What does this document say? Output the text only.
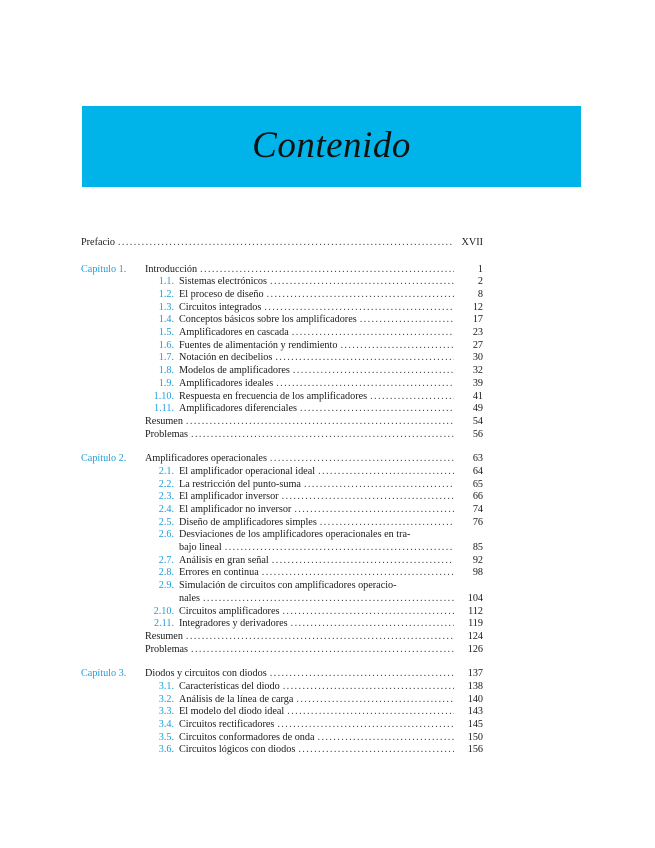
Contenido
Prefacio .....	XVII
Capítulo 1.	Introducción .....	1
1.1. Sistemas electrónicos .....	2
1.2. El proceso de diseño .....	8
1.3. Circuitos integrados .....	12
1.4. Conceptos básicos sobre los amplificadores .....	17
1.5. Amplificadores en cascada .....	23
1.6. Fuentes de alimentación y rendimiento .....	27
1.7. Notación en decibelios .....	30
1.8. Modelos de amplificadores .....	32
1.9. Amplificadores ideales .....	39
1.10. Respuesta en frecuencia de los amplificadores .....	41
1.11. Amplificadores diferenciales .....	49
Resumen .....	54
Problemas .....	56
Capítulo 2.	Amplificadores operacionales .....	63
2.1. El amplificador operacional ideal .....	64
2.2. La restricción del punto-suma .....	65
2.3. El amplificador inversor .....	66
2.4. El amplificador no inversor .....	74
2.5. Diseño de amplificadores simples .....	76
2.6. Desviaciones de los amplificadores operacionales en tra-
bajo lineal .....	85
2.7. Análisis en gran señal .....	92
2.8. Errores en continua .....	98
2.9. Simulación de circuitos con amplificadores operacio-
nales .....	104
2.10. Circuitos amplificadores .....	112
2.11. Integradores y derivadores .....	119
Resumen .....	124
Problemas .....	126
Capítulo 3.	Diodos y circuitos con diodos .....	137
3.1. Características del diodo .....	138
3.2. Análisis de la línea de carga .....	140
3.3. El modelo del diodo ideal .....	143
3.4. Circuitos rectificadores .....	145
3.5. Circuitos conformadores de onda .....	150
3.6. Circuitos lógicos con diodos .....	156
